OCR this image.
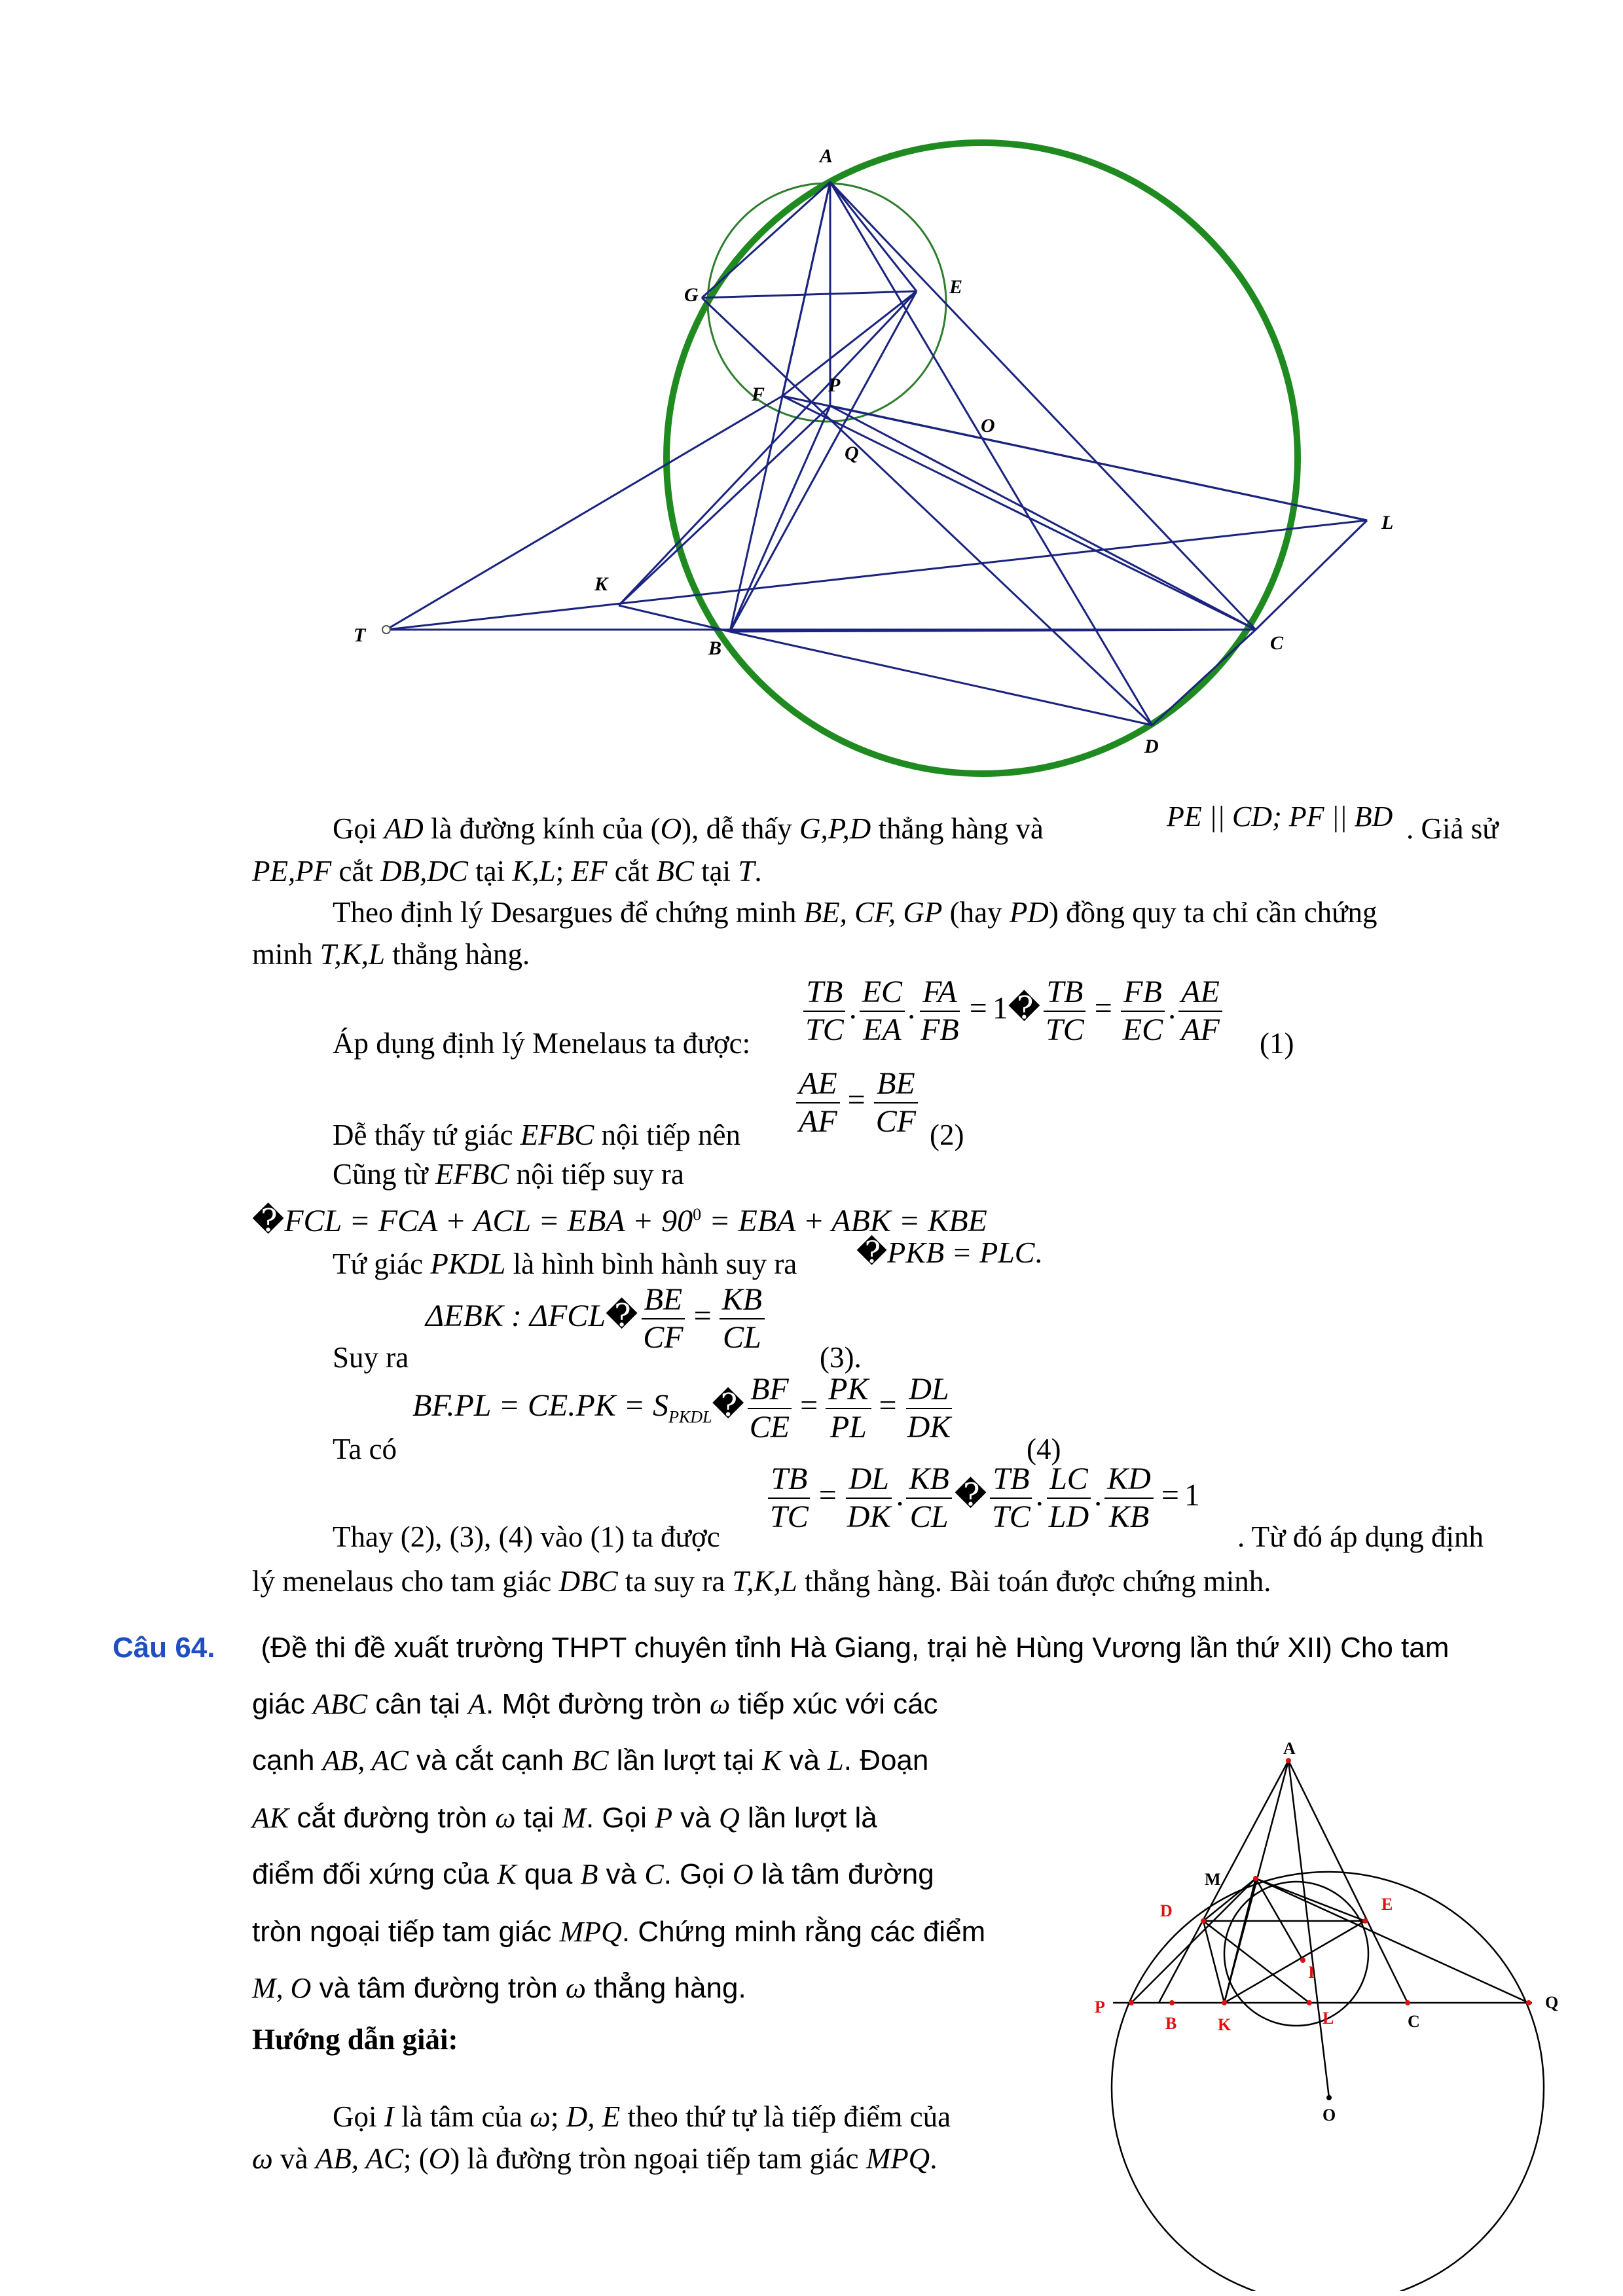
A
G	E
F	P
O
Q
L
K
T
B	C
D
Gọi AD là đường kính của (O), dễ thấy G,P,D thẳng hàng và	PE || CD; PF || BD . Giả sử
PE,PF cắt DB,DC tại K,L; EF cắt BC tại T.
Theo định lý Desargues để chứng minh BE, CF, GP (hay PD) đồng quy ta chỉ cần chứng
minh T,K,L thẳng hàng.
Áp dụng định lý Menelaus ta được: $\frac{TB}{TC}$ . $\frac{EC}{EA}$ . $\frac{FA}{FB}$ = 1� $\frac{TB}{TC} = \frac{FB}{EC}$ . $\frac{AE}{AF} (1)$
Dễ thấy tứ giác EFBC nội tiếp nên $\frac{AE}{AF} = \frac{BE}{CF} (2)$
Cũng từ EFBC nội tiếp suy ra
�FCL = FCA + ACL = EBA + $90^0$ = EBA + ABK = KBE
Tứ giác PKDL là hình bình hành suy ra �PKB = PLC.
ΔEBK : ΔFCL� $\frac{BE}{CF} = \frac{KB}{CL}$
Suy ra	(3).
$BF.PL = CE.PK = S_{PKDL}� \frac{BF}{CE} = \frac{PK}{PL} = \frac{DL}{DK}$
Ta có	(4)
$\frac{TB}{TC} = \frac{DL}{DK}$ . $\frac{KB}{CL}$ � $\frac{TB}{TC}$ . $\frac{LC}{LD}$ . $\frac{KD}{KB} = 1$
Thay (2), (3), (4) vào (1) ta được	. Từ đó áp dụng định
lý menelaus cho tam giác DBC ta suy ra T,K,L thẳng hàng. Bài toán được chứng minh.
Câu 64. (Đề thi đề xuất trường THPT chuyên tỉnh Hà Giang, trại hè Hùng Vương lần thứ XII) Cho tam
giác ABC cân tại A. Một đường tròn ω tiếp xúc với các
cạnh AB, AC và cắt cạnh BC lần lượt tại K và L. Đoạn
AK cắt đường tròn ω tại M. Gọi P và Q lần lượt là
điểm đối xứng của K qua B và C. Gọi O là tâm đường
tròn ngoại tiếp tam giác MPQ. Chứng minh rằng các điểm
M, O và tâm đường tròn ω thẳng hàng.
Hướng dẫn giải:
Gọi I là tâm của ω; D, E theo thứ tự là tiếp điểm của
ω và AB, AC; (O) là đường tròn ngoại tiếp tam giác MPQ.
A
M
D	E
I
P
B K	L	C
Q
O
